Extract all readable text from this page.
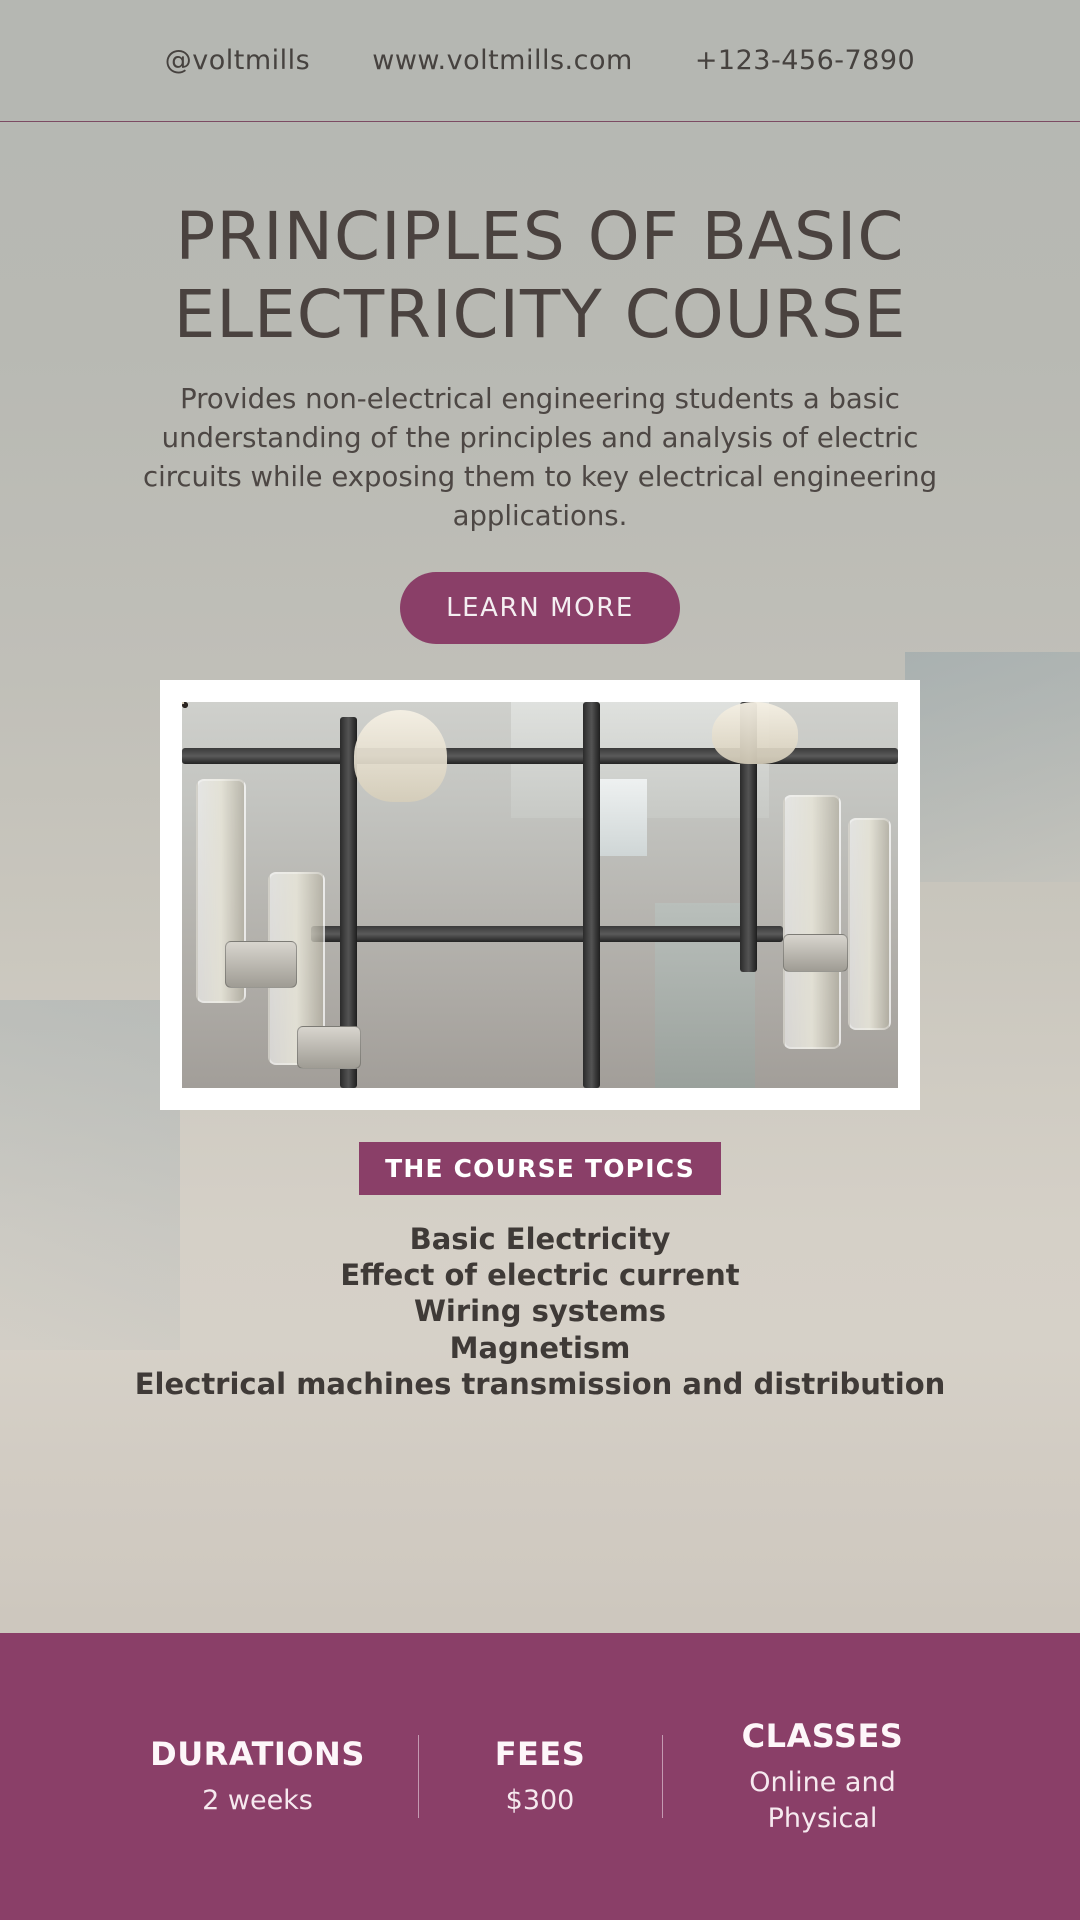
@voltmills www.voltmills.com +123-456-7890
PRINCIPLES OF BASIC ELECTRICITY COURSE

Provides non-electrical engineering students a basic understanding of the principles and analysis of electric circuits while exposing them to key electrical engineering applications.

LEARN MORE
THE COURSE TOPICS
Basic Electricity
Effect of electric current
Wiring systems
Magnetism
Electrical machines transmission and distribution
DURATIONS
2 weeks
FEES
$300
CLASSES
Online and Physical
